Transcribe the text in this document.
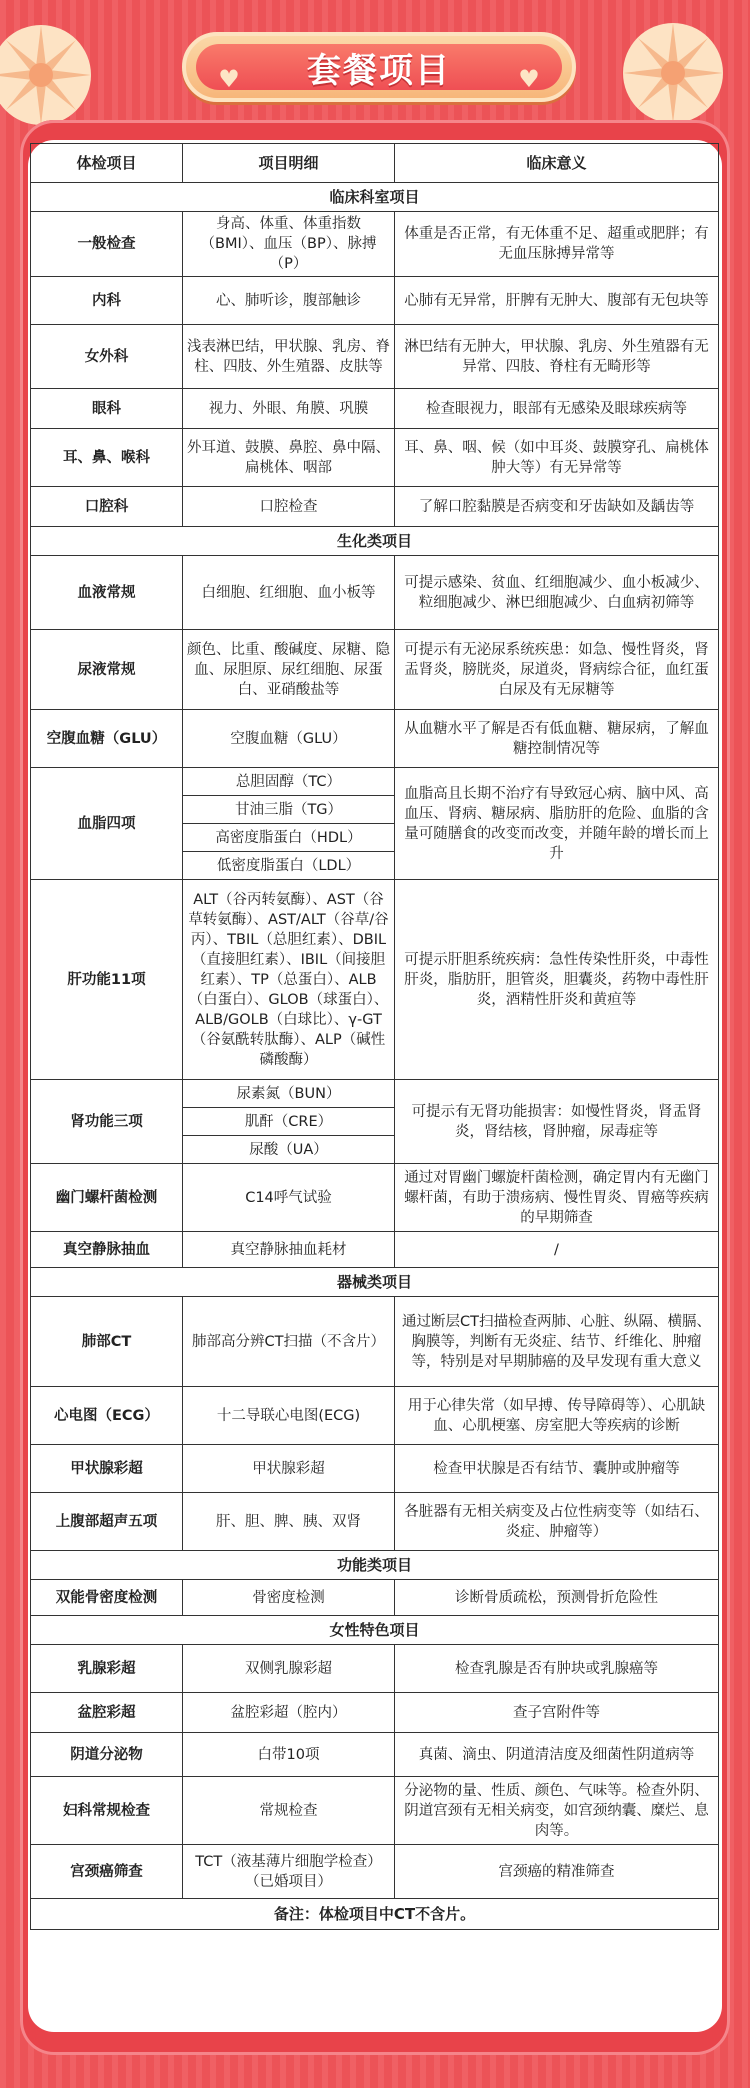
♥ 套餐项目	♥
体检项目	项目明细	临床意义
临床科室项目		
一般检查	身高、体重、体重指数（BMI）、血压（BP）、脉搏（P）	体重是否正常，有无体重不足、超重或肥胖；有无血压脉搏异常等
内科	心、肺听诊，腹部触诊	心肺有无异常，肝脾有无肿大、腹部有无包块等
女外科	浅表淋巴结，甲状腺、乳房、脊柱、四肢、外生殖器、皮肤等	淋巴结有无肿大，甲状腺、乳房、外生殖器有无异常、四肢、脊柱有无畸形等
眼科	视力、外眼、角膜、巩膜	检查眼视力，眼部有无感染及眼球疾病等
耳、鼻、喉科	外耳道、鼓膜、鼻腔、鼻中隔、扁桃体、咽部	耳、鼻、咽、候（如中耳炎、鼓膜穿孔、扁桃体肿大等）有无异常等
口腔科	口腔检查	了解口腔黏膜是否病变和牙齿缺如及龋齿等
生化类项目		
血液常规	白细胞、红细胞、血小板等	可提示感染、贫血、红细胞减少、血小板减少、粒细胞减少、淋巴细胞减少、白血病初筛等
尿液常规	颜色、比重、酸碱度、尿糖、隐血、尿胆原、尿红细胞、尿蛋白、亚硝酸盐等	可提示有无泌尿系统疾患：如急、慢性肾炎，肾盂肾炎，膀胱炎，尿道炎，肾病综合征，血红蛋白尿及有无尿糖等
空腹血糖（GLU）	空腹血糖（GLU）	从血糖水平了解是否有低血糖、糖尿病，了解血糖控制情况等
血脂四项	总胆固醇（TC）	血脂高且长期不治疗有导致冠心病、脑中风、高血压、肾病、糖尿病、脂肪肝的危险、血脂的含量可随膳食的改变而改变，并随年龄的增长而上升
	甘油三脂（TG）	
	高密度脂蛋白（HDL）	
	低密度脂蛋白（LDL）	
肝功能11项	ALT（谷丙转氨酶）、AST（谷草转氨酶）、AST/ALT（谷草/谷丙）、TBIL（总胆红素）、DBIL（直接胆红素）、IBIL（间接胆红素）、TP（总蛋白）、ALB（白蛋白）、GLOB（球蛋白）、ALB/GOLB（白球比）、γ-GT（谷氨酰转肽酶）、ALP（碱性磷酸酶）	可提示肝胆系统疾病：急性传染性肝炎，中毒性肝炎，脂肪肝，胆管炎，胆囊炎，药物中毒性肝炎，酒精性肝炎和黄疸等
肾功能三项	尿素氮（BUN）	可提示有无肾功能损害：如慢性肾炎，肾盂肾炎，肾结核，肾肿瘤，尿毒症等
	肌酐（CRE）	
	尿酸（UA）	
幽门螺杆菌检测	C14呼气试验	通过对胃幽门螺旋杆菌检测，确定胃内有无幽门螺杆菌，有助于溃疡病、慢性胃炎、胃癌等疾病的早期筛查
真空静脉抽血	真空静脉抽血耗材	/
器械类项目		
肺部CT	肺部高分辨CT扫描（不含片）	通过断层CT扫描检查两肺、心脏、纵隔、横膈、胸膜等，判断有无炎症、结节、纤维化、肿瘤等，特别是对早期肺癌的及早发现有重大意义
心电图（ECG）	十二导联心电图(ECG)	用于心律失常（如早搏、传导障碍等）、心肌缺血、心肌梗塞、房室肥大等疾病的诊断
甲状腺彩超	甲状腺彩超	检查甲状腺是否有结节、囊肿或肿瘤等
上腹部超声五项	肝、胆、脾、胰、双肾	各脏器有无相关病变及占位性病变等（如结石、炎症、肿瘤等）
功能类项目		
双能骨密度检测	骨密度检测	诊断骨质疏松，预测骨折危险性
女性特色项目		
乳腺彩超	双侧乳腺彩超	检查乳腺是否有肿块或乳腺癌等
盆腔彩超	盆腔彩超（腔内）	查子宫附件等
阴道分泌物	白带10项	真菌、滴虫、阴道清洁度及细菌性阴道病等
妇科常规检查	常规检查	分泌物的量、性质、颜色、气味等。检查外阴、阴道宫颈有无相关病变，如宫颈纳囊、糜烂、息肉等。
宫颈癌筛查	TCT（液基薄片细胞学检查）（已婚项目）	宫颈癌的精准筛查
备注：体检项目中CT不含片。		
